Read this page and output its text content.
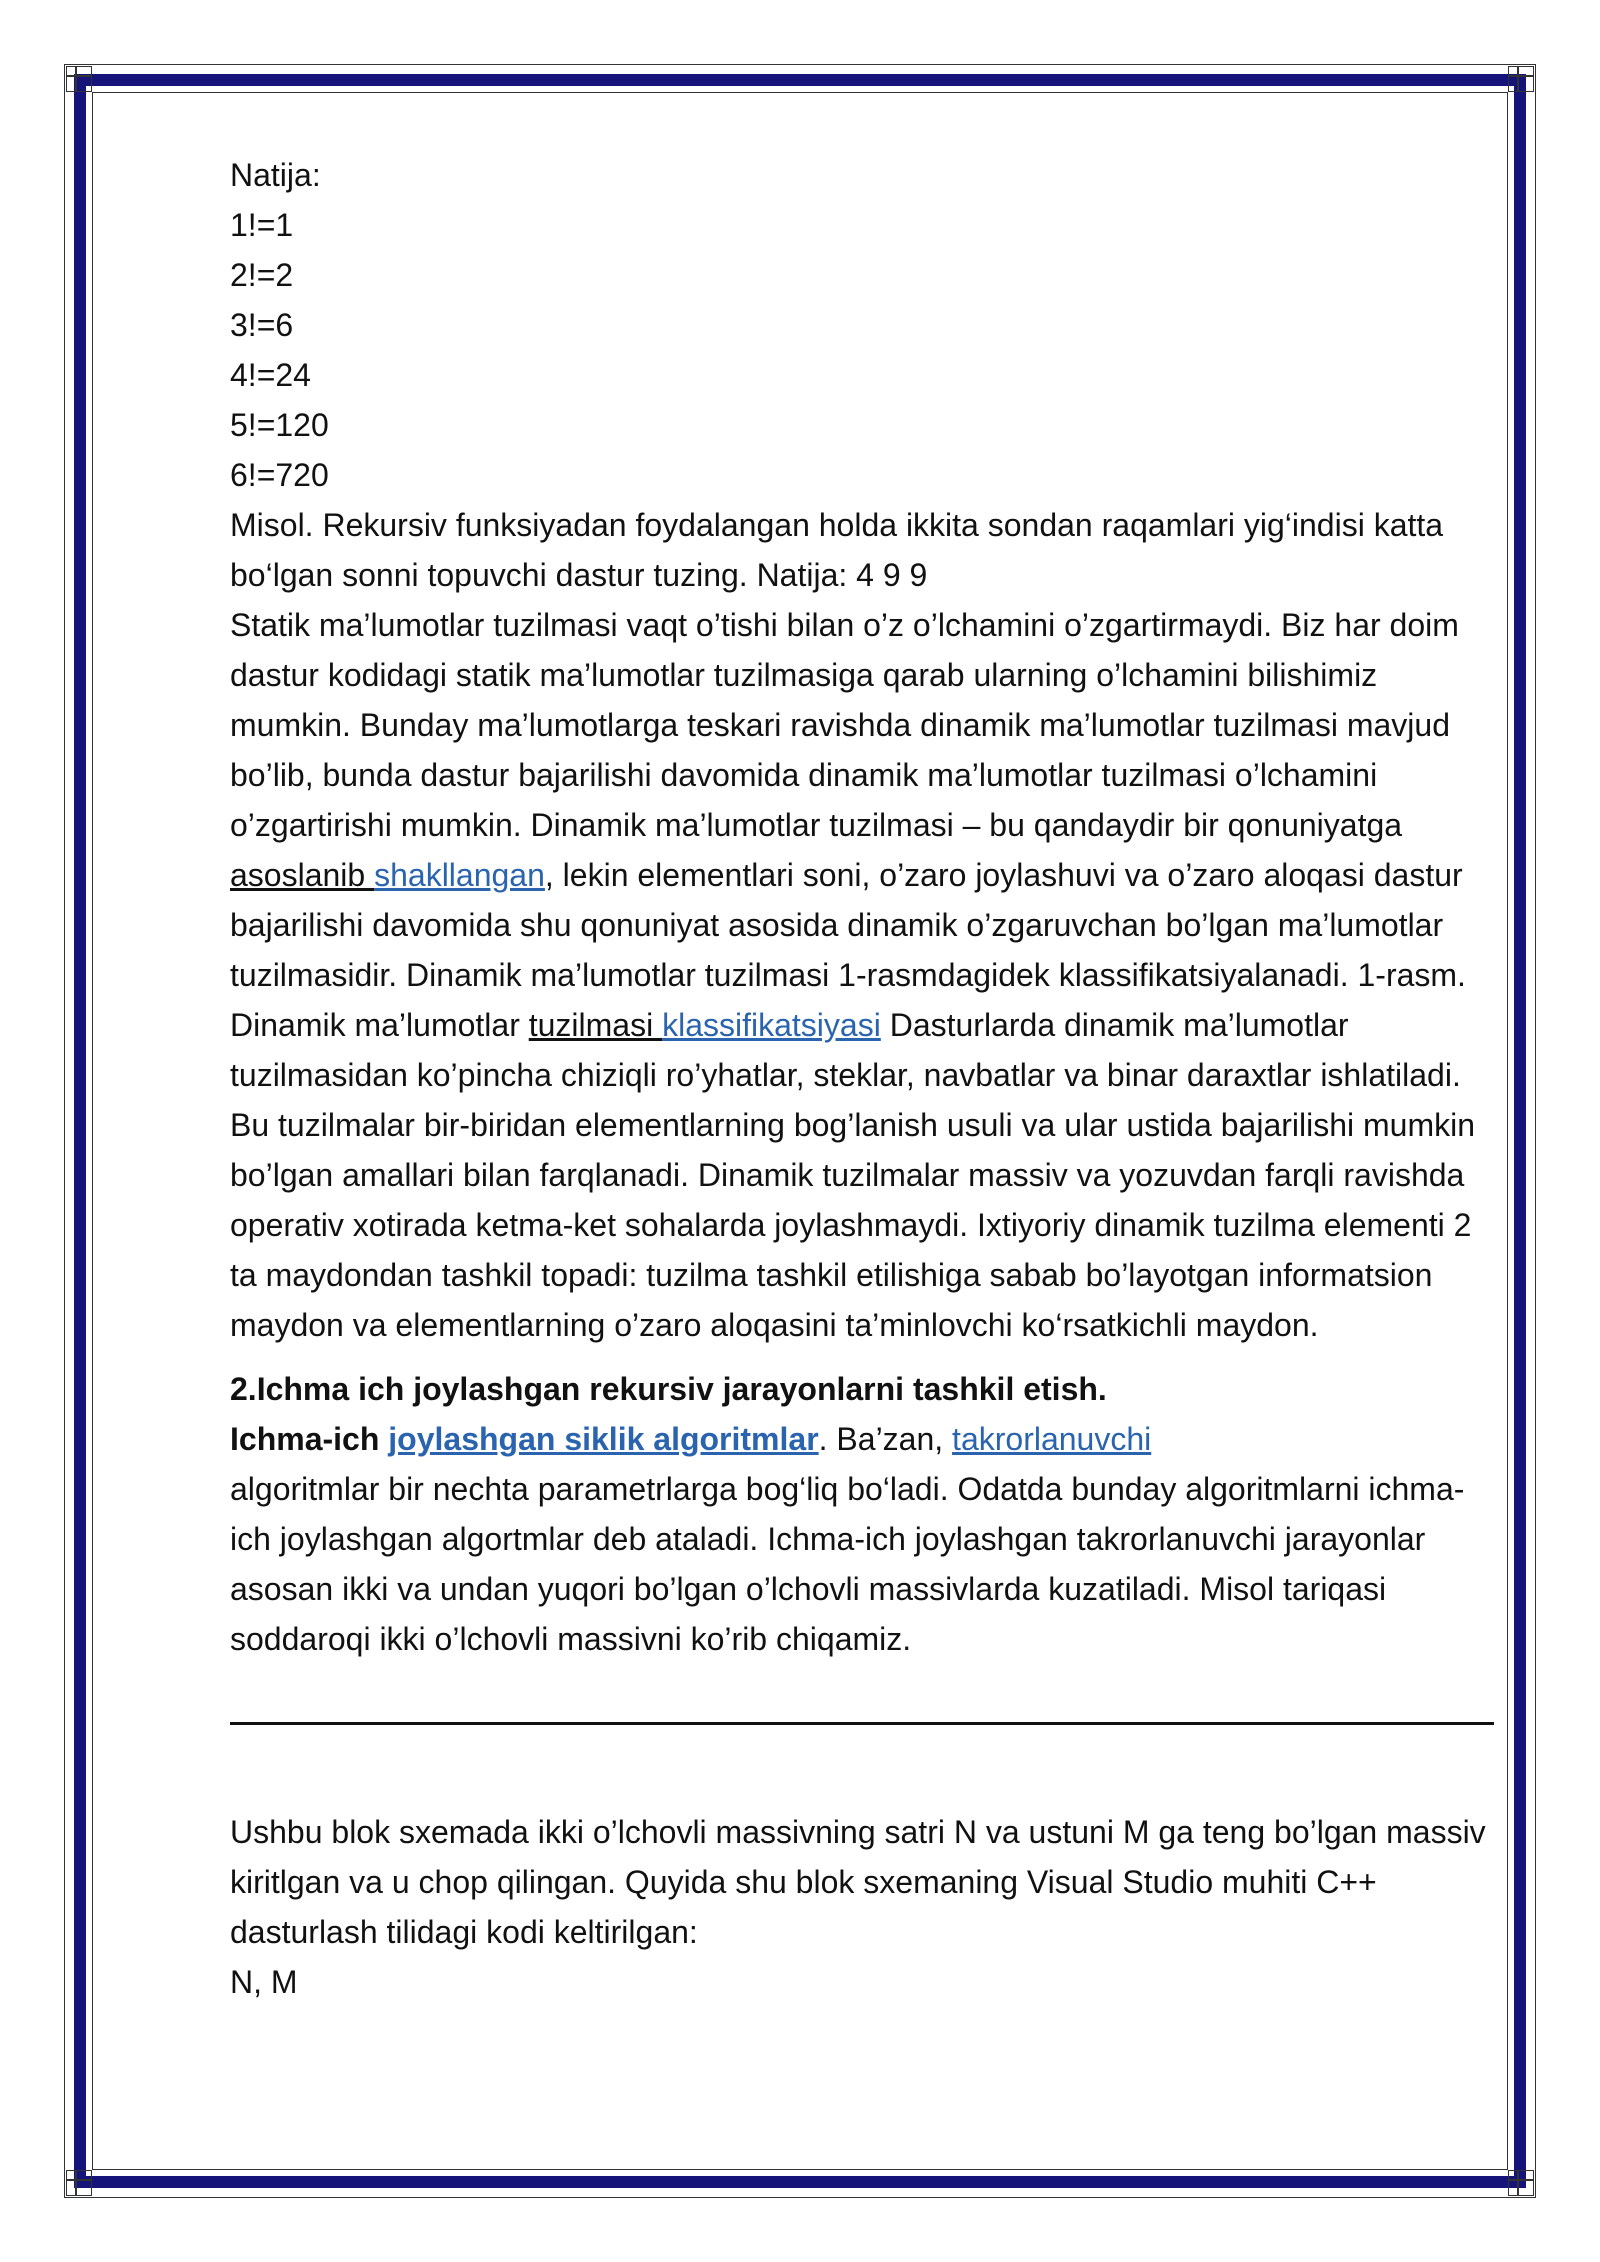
Natija:

1!=1

2!=2

3!=6

4!=24

5!=120

6!=720

Misol. Rekursiv funksiyadan foydalangan holda ikkita sondan raqamlari yig‘indisi katta bo‘lgan sonni topuvchi dastur tuzing. Natija: 4 9 9

Statik ma’lumotlar tuzilmasi vaqt o’tishi bilan o’z o’lchamini o’zgartirmaydi. Biz har doim dastur kodidagi statik ma’lumotlar tuzilmasiga qarab ularning o’lchamini bilishimiz mumkin. Bunday ma’lumotlarga teskari ravishda dinamik ma’lumotlar tuzilmasi mavjud bo’lib, bunda dastur bajarilishi davomida dinamik ma’lumotlar tuzilmasi o’lchamini o’zgartirishi mumkin. Dinamik ma’lumotlar tuzilmasi – bu qandaydir bir qonuniyatga asoslanib shakllangan, lekin elementlari soni, o’zaro joylashuvi va o’zaro aloqasi dastur bajarilishi davomida shu qonuniyat asosida dinamik o’zgaruvchan bo’lgan ma’lumotlar tuzilmasidir. Dinamik ma’lumotlar tuzilmasi 1-rasmdagidek klassifikatsiyalanadi. 1-rasm. Dinamik ma’lumotlar tuzilmasi klassifikatsiyasi Dasturlarda dinamik ma’lumotlar tuzilmasidan ko’pincha chiziqli ro’yhatlar, steklar, navbatlar va binar daraxtlar ishlatiladi. Bu tuzilmalar bir-biridan elementlarning bog’lanish usuli va ular ustida bajarilishi mumkin bo’lgan amallari bilan farqlanadi. Dinamik tuzilmalar massiv va yozuvdan farqli ravishda operativ xotirada ketma-ket sohalarda joylashmaydi. Ixtiyoriy dinamik tuzilma elementi 2 ta maydondan tashkil topadi: tuzilma tashkil etilishiga sabab bo’layotgan informatsion maydon va elementlarning o’zaro aloqasini ta’minlovchi ko‘rsatkichli maydon.

2.Ichma ich joylashgan rekursiv jarayonlarni tashkil etish.

Ichma-ich joylashgan siklik algoritmlar. Ba’zan, takrorlanuvchi
algoritmlar bir nechta parametrlarga bog‘liq bo‘ladi. Odatda bunday algoritmlarni ichma-ich joylashgan algortmlar deb ataladi. Ichma-ich joylashgan takrorlanuvchi jarayonlar asosan ikki va undan yuqori bo’lgan o’lchovli massivlarda kuzatiladi. Misol tariqasi soddaroqi ikki o’lchovli massivni ko’rib chiqamiz.

Ushbu blok sxemada ikki o’lchovli massivning satri N va ustuni M ga teng bo’lgan massiv kiritlgan va u chop qilingan. Quyida shu blok sxemaning Visual Studio muhiti C++ dasturlash tilidagi kodi keltirilgan:

N, M
